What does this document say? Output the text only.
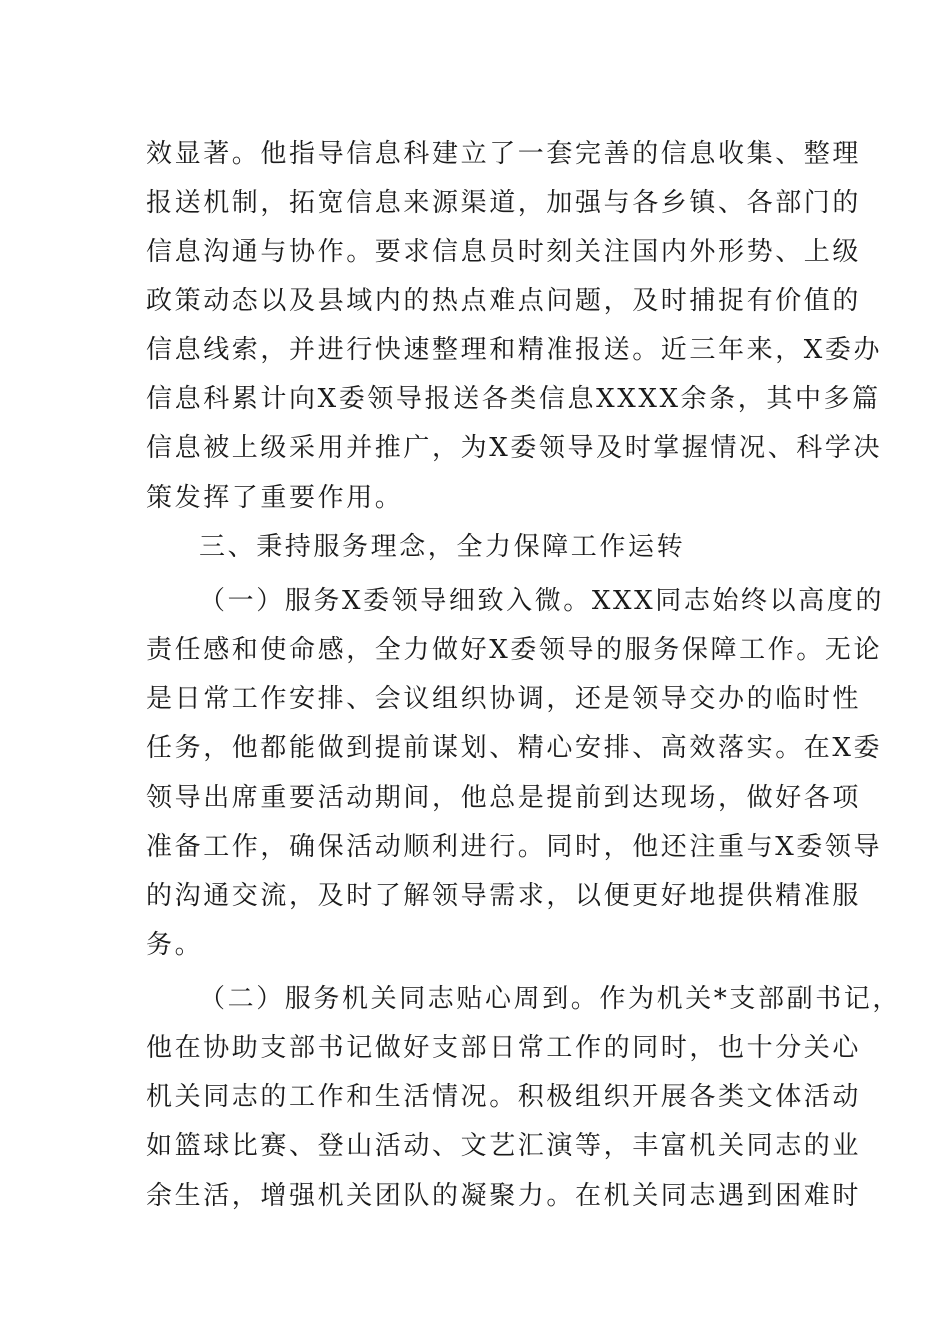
效显著。他指导信息科建立了一套完善的信息收集、整理
报送机制，拓宽信息来源渠道，加强与各乡镇、各部门的
信息沟通与协作。要求信息员时刻关注国内外形势、上级
政策动态以及县域内的热点难点问题，及时捕捉有价值的
信息线索，并进行快速整理和精准报送。近三年来，X委办
信息科累计向X委领导报送各类信息XXXX余条，其中多篇
信息被上级采用并推广，为X委领导及时掌握情况、科学决
策发挥了重要作用。
三、秉持服务理念，全力保障工作运转
（一）服务X委领导细致入微。XXX同志始终以高度的
责任感和使命感，全力做好X委领导的服务保障工作。无论
是日常工作安排、会议组织协调，还是领导交办的临时性
任务，他都能做到提前谋划、精心安排、高效落实。在X委
领导出席重要活动期间，他总是提前到达现场，做好各项
准备工作，确保活动顺利进行。同时，他还注重与X委领导
的沟通交流，及时了解领导需求，以便更好地提供精准服
务。
（二）服务机关同志贴心周到。作为机关*支部副书记，
他在协助支部书记做好支部日常工作的同时，也十分关心
机关同志的工作和生活情况。积极组织开展各类文体活动
如篮球比赛、登山活动、文艺汇演等，丰富机关同志的业
余生活，增强机关团队的凝聚力。在机关同志遇到困难时
